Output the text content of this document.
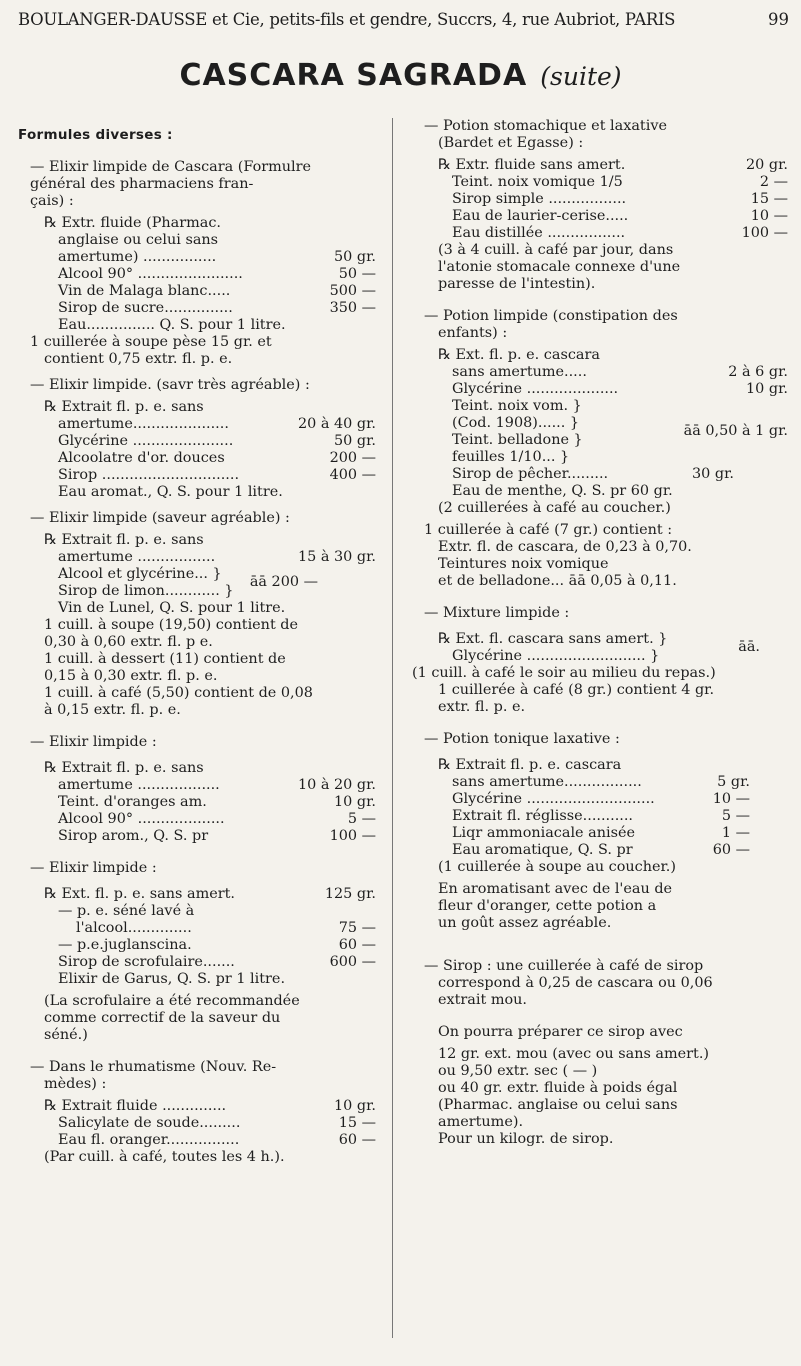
BOULANGER-DAUSSE et Cie, petits-fils et gendre, Succrs, 4, rue Aubriot, PARIS	99
CASCARA SAGRADA (suite)

Formules diverses :

— Elixir limpide de Cascara (Formulre

général des pharmaciens fran-

çais) :

℞ Extr. fluide (Pharmac.

anglaise ou celui sans

amertume) ................	50 gr.

Alcool 90° .......................	50 —

Vin de Malaga blanc.....	500 —

Sirop de sucre...............	350 —

Eau............... Q. S. pour 1 litre.

1 cuillerée à soupe pèse 15 gr. et

contient 0,75 extr. fl. p. e.

— Elixir limpide. (savr très agréable) :

℞ Extrait fl. p. e. sans

amertume.....................	20 à 40 gr.

Glycérine ......................	50 gr.

Alcoolatre d'or. douces	200 —

Sirop ..............................	400 —

Eau aromat., Q. S. pour 1 litre.

— Elixir limpide (saveur agréable) :

℞ Extrait fl. p. e. sans

amertume .................	15 à 30 gr.

Alcool et glycérine... } āā 200 —

Sirop de limon............ }

Vin de Lunel, Q. S. pour 1 litre.

1 cuill. à soupe (19,50) contient de

0,30 à 0,60 extr. fl. p e.

1 cuill. à dessert (11) contient de

0,15 à 0,30 extr. fl. p. e.

1 cuill. à café (5,50) contient de 0,08

à 0,15 extr. fl. p. e.

— Elixir limpide :

℞ Extrait fl. p. e. sans

amertume ..................	10 à 20 gr.

Teint. d'oranges am.	10 gr.

Alcool 90° ...................	5 —

Sirop arom., Q. S. pr	100 —

— Elixir limpide :

℞ Ext. fl. p. e. sans amert.	125 gr.

— p. e. séné lavé à

l'alcool..............	75 —

— p.e.juglanscina.	60 —

Sirop de scrofulaire.......	600 —

Elixir de Garus, Q. S. pr 1 litre.

(La scrofulaire a été recommandée

comme correctif de la saveur du

séné.)

— Dans le rhumatisme (Nouv. Re-

mèdes) :

℞ Extrait fluide ..............	10 gr.

Salicylate de soude.........	15 —

Eau fl. oranger................	60 —

(Par cuill. à café, toutes les 4 h.).

— Potion stomachique et laxative

(Bardet et Egasse) :

℞ Extr. fluide sans amert.	20 gr.

Teint. noix vomique 1/5	2 —

Sirop simple .................	15 —

Eau de laurier-cerise.....	10 —

Eau distillée .................	100 —

(3 à 4 cuill. à café par jour, dans

l'atonie stomacale connexe d'une

paresse de l'intestin).

— Potion limpide (constipation des

enfants) :

℞ Ext. fl. p. e. cascara

sans amertume.....	2 à 6 gr.

Glycérine ....................	10 gr.

Teint. noix vom. }

(Cod. 1908)...... }	āā 0,50 à 1 gr.

Teint. belladone }

feuilles 1/10... }

Sirop de pêcher.........	30 gr.

Eau de menthe, Q. S. pr 60 gr.

(2 cuillerées à café au coucher.)

1 cuillerée à café (7 gr.) contient :

Extr. fl. de cascara, de 0,23 à 0,70.

Teintures noix vomique

et de belladone... āā 0,05 à 0,11.

— Mixture limpide :

℞ Ext. fl. cascara sans amert. }	āā.

Glycérine .......................... }

(1 cuill. à café le soir au milieu du repas.)

1 cuillerée à café (8 gr.) contient 4 gr.

extr. fl. p. e.

— Potion tonique laxative :

℞ Extrait fl. p. e. cascara

sans amertume.................	5 gr.

Glycérine ............................	10 —

Extrait fl. réglisse...........	5 —

Liqr ammoniacale anisée	1 —

Eau aromatique, Q. S. pr	60 —

(1 cuillerée à soupe au coucher.)

En aromatisant avec de l'eau de

fleur d'oranger, cette potion a

un goût assez agréable.

— Sirop : une cuillerée à café de sirop

correspond à 0,25 de cascara ou 0,06

extrait mou.

On pourra préparer ce sirop avec

12 gr. ext. mou (avec ou sans amert.)

ou 9,50 extr. sec ( — )

ou 40 gr. extr. fluide à poids égal

(Pharmac. anglaise ou celui sans

amertume).

Pour un kilogr. de sirop.
